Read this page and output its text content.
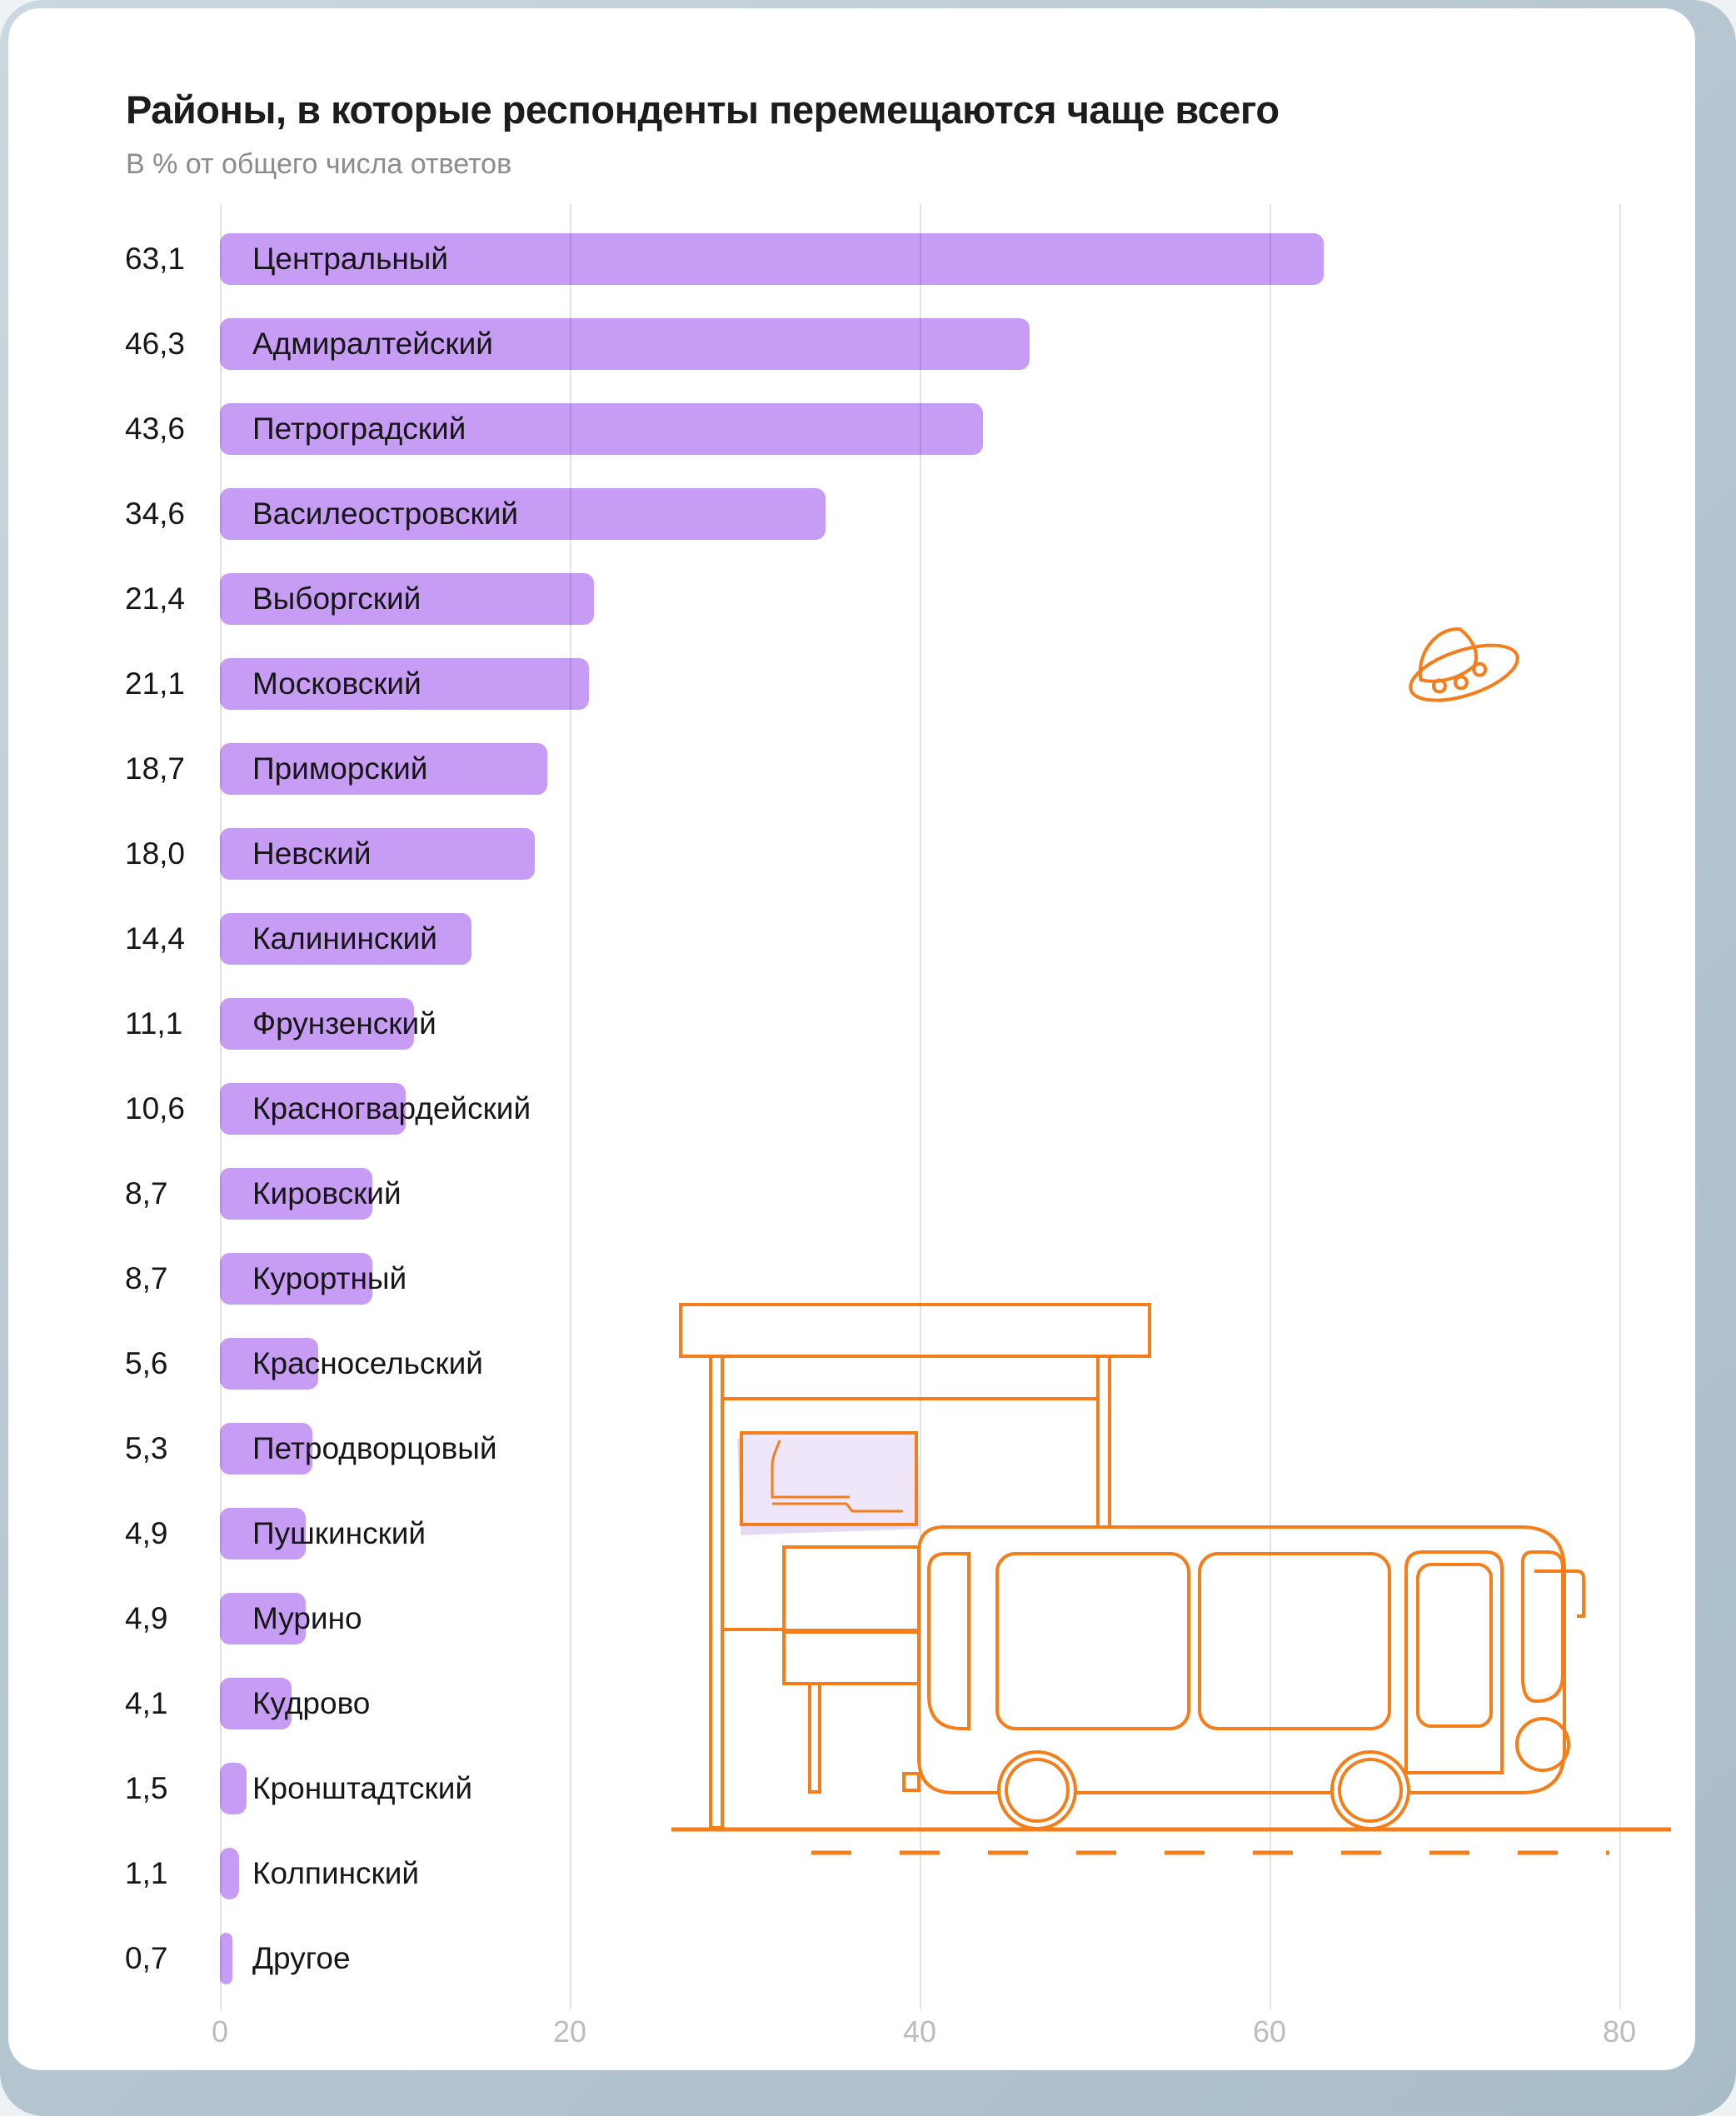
Районы, в которые респонденты перемещаются чаще всего
В % от общего числа ответов
63,1	Центральный
46,3	Адмиралтейский
43,6	Петроградский
34,6	Василеостровский
21,4	Выборгский
21,1	Московский
18,7	Приморский
18,0	Невский
14,4	Калининский
11,1	Фрунзенский
10,6	Красногвардейский
8,7	Кировский
8,7	Курортный
5,6	Красносельский
5,3	Петродворцовый
4,9	Пушкинский
4,9	Мурино
4,1	Кудрово
1,5	Кронштадтский
1,1	Колпинский
0,7	Другое
0	20	40	60	80
